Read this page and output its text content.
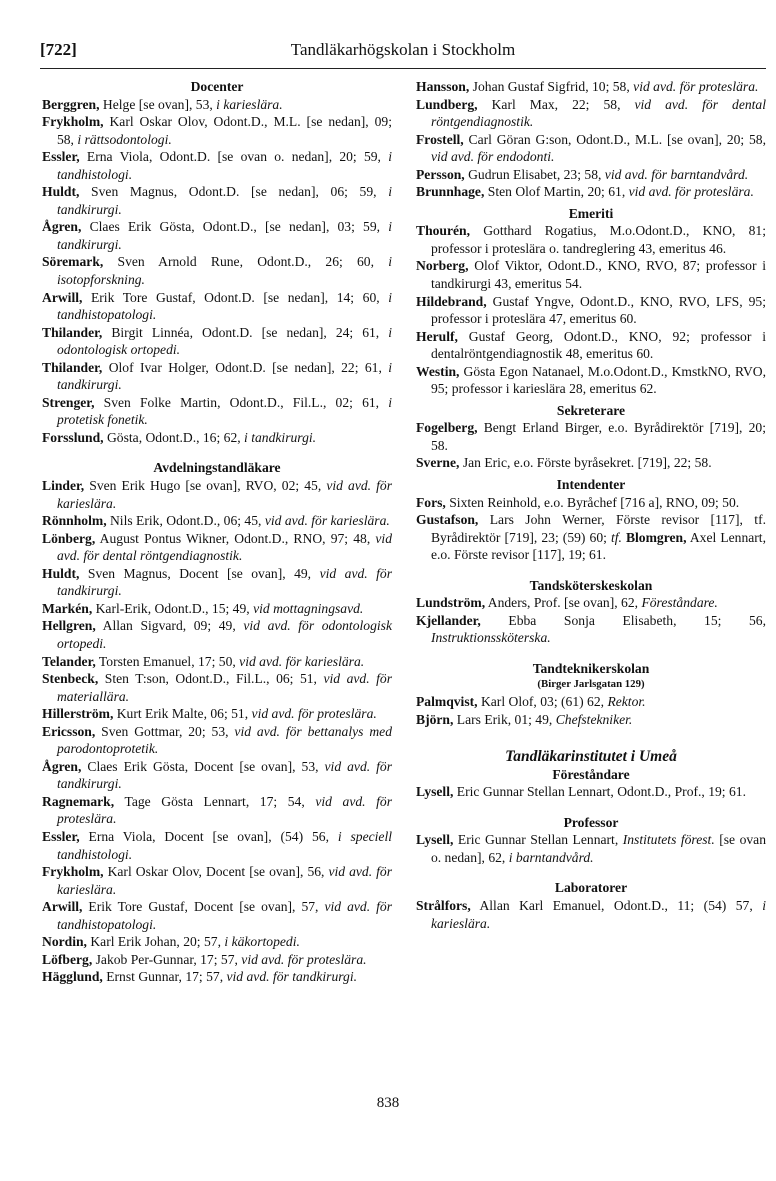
[722]	Tandläkarhögskolan i Stockholm
Docenter
Berggren, Helge [se ovan], 53, i karieslära.
Frykholm, Karl Oskar Olov, Odont.D., M.L. [se nedan], 09; 58, i rättsodontologi.
Essler, Erna Viola, Odont.D. [se ovan o. nedan], 20; 59, i tandhistologi.
Huldt, Sven Magnus, Odont.D. [se nedan], 06; 59, i tandkirurgi.
Ågren, Claes Erik Gösta, Odont.D., [se nedan], 03; 59, i tandkirurgi.
Söremark, Sven Arnold Rune, Odont.D., 26; 60, i isotopforskning.
Arwill, Erik Tore Gustaf, Odont.D. [se nedan], 14; 60, i tandhistopatologi.
Thilander, Birgit Linnéa, Odont.D. [se nedan], 24; 61, i odontologisk ortopedi.
Thilander, Olof Ivar Holger, Odont.D. [se nedan], 22; 61, i tandkirurgi.
Strenger, Sven Folke Martin, Odont.D., Fil.L., 02; 61, i protetisk fonetik.
Forsslund, Gösta, Odont.D., 16; 62, i tandkirurgi.
Avdelningstandläkare
Linder, Sven Erik Hugo [se ovan], RVO, 02; 45, vid avd. för karieslära.
Rönnholm, Nils Erik, Odont.D., 06; 45, vid avd. för karieslära.
Lönberg, August Pontus Wikner, Odont.D., RNO, 97; 48, vid avd. för dental röntgendiagnostik.
Huldt, Sven Magnus, Docent [se ovan], 49, vid avd. för tandkirurgi.
Markén, Karl-Erik, Odont.D., 15; 49, vid mottagningsavd.
Hellgren, Allan Sigvard, 09; 49, vid avd. för odontologisk ortopedi.
Telander, Torsten Emanuel, 17; 50, vid avd. för karieslära.
Stenbeck, Sten T:son, Odont.D., Fil.L., 06; 51, vid avd. för materiallära.
Hillerström, Kurt Erik Malte, 06; 51, vid avd. för proteslära.
Ericsson, Sven Gottmar, 20; 53, vid avd. för bettanalys med parodontoprotetik.
Ågren, Claes Erik Gösta, Docent [se ovan], 53, vid avd. för tandkirurgi.
Ragnemark, Tage Gösta Lennart, 17; 54, vid avd. för proteslära.
Essler, Erna Viola, Docent [se ovan], (54) 56, i speciell tandhistologi.
Frykholm, Karl Oskar Olov, Docent [se ovan], 56, vid avd. för karieslära.
Arwill, Erik Tore Gustaf, Docent [se ovan], 57, vid avd. för tandhistopatologi.
Nordin, Karl Erik Johan, 20; 57, i käkortopedi.
Löfberg, Jakob Per-Gunnar, 17; 57, vid avd. för proteslära.
Hägglund, Ernst Gunnar, 17; 57, vid avd. för tandkirurgi.
Hansson, Johan Gustaf Sigfrid, 10; 58, vid avd. för proteslära.
Lundberg, Karl Max, 22; 58, vid avd. för dental röntgendiagnostik.
Frostell, Carl Göran G:son, Odont.D., M.L. [se ovan], 20; 58, vid avd. för endodonti.
Persson, Gudrun Elisabet, 23; 58, vid avd. för barntandvård.
Brunnhage, Sten Olof Martin, 20; 61, vid avd. för proteslära.
Emeriti
Thourén, Gotthard Rogatius, M.o.Odont.D., KNO, 81; professor i proteslära o. tandreglering 43, emeritus 46.
Norberg, Olof Viktor, Odont.D., KNO, RVO, 87; professor i tandkirurgi 43, emeritus 54.
Hildebrand, Gustaf Yngve, Odont.D., KNO, RVO, LFS, 95; professor i proteslära 47, emeritus 60.
Herulf, Gustaf Georg, Odont.D., KNO, 92; professor i dentalröntgendiagnostik 48, emeritus 60.
Westin, Gösta Egon Natanael, M.o.Odont.D., KmstkNO, RVO, 95; professor i karieslära 28, emeritus 62.
Sekreterare
Fogelberg, Bengt Erland Birger, e.o. Byrådirektör [719], 20; 58.
Sverne, Jan Eric, e.o. Förste byråsekret. [719], 22; 58.
Intendenter
Fors, Sixten Reinhold, e.o. Byråchef [716 a], RNO, 09; 50.
Gustafson, Lars John Werner, Förste revisor [117], tf. Byrådirektör [719], 23; (59) 60; tf. Blomgren, Axel Lennart, e.o. Förste revisor [117], 19; 61.
Tandsköterskeskolan
Lundström, Anders, Prof. [se ovan], 62, Föreståndare.
Kjellander, Ebba Sonja Elisabeth, 15; 56, Instruktionssköterska.
Tandteknikerskolan
(Birger Jarlsgatan 129)
Palmqvist, Karl Olof, 03; (61) 62, Rektor.
Björn, Lars Erik, 01; 49, Chefstekniker.
Tandläkarinstitutet i Umeå
Föreståndare
Lysell, Eric Gunnar Stellan Lennart, Odont.D., Prof., 19; 61.
Professor
Lysell, Eric Gunnar Stellan Lennart, Institutets förest. [se ovan o. nedan], 62, i barntandvård.
Laboratorer
Strålfors, Allan Karl Emanuel, Odont.D., 11; (54) 57, i karieslära.
838
